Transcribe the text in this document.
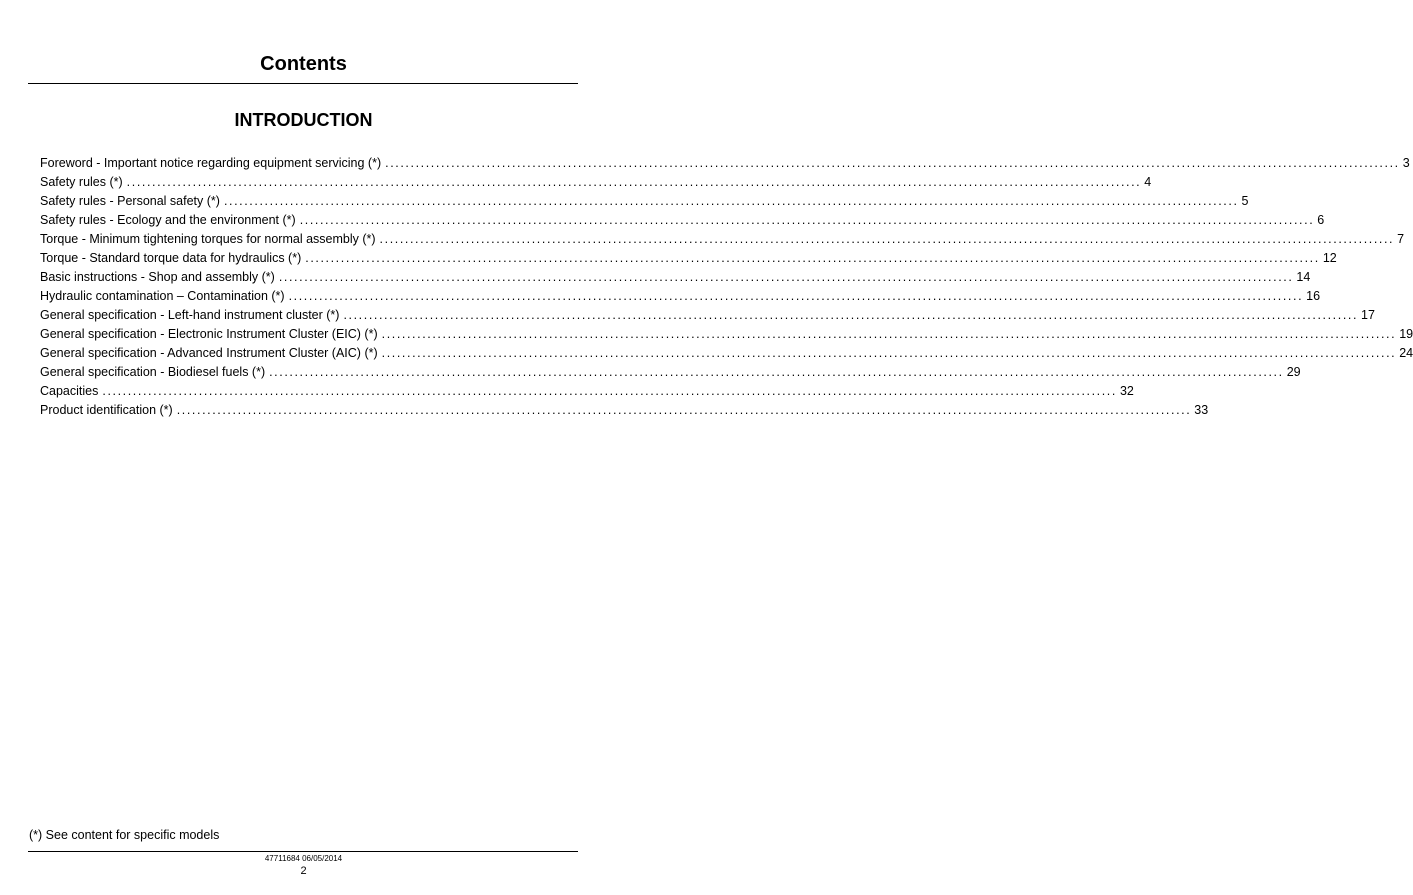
Contents
INTRODUCTION
Foreword - Important notice regarding equipment servicing (*) ........................................................................................................................................................................................................ 3
Safety rules (*) ........................................................................................................................................................................................................ 4
Safety rules - Personal safety (*) ........................................................................................................................................................................................................ 5
Safety rules - Ecology and the environment (*) ........................................................................................................................................................................................................ 6
Torque - Minimum tightening torques for normal assembly (*) ........................................................................................................................................................................................................ 7
Torque - Standard torque data for hydraulics (*) ........................................................................................................................................................................................................ 12
Basic instructions - Shop and assembly (*) ........................................................................................................................................................................................................ 14
Hydraulic contamination – Contamination (*) ........................................................................................................................................................................................................ 16
General specification - Left-hand instrument cluster (*) ........................................................................................................................................................................................................ 17
General specification - Electronic Instrument Cluster (EIC) (*) ........................................................................................................................................................................................................ 19
General specification - Advanced Instrument Cluster (AIC) (*) ........................................................................................................................................................................................................ 24
General specification - Biodiesel fuels (*) ........................................................................................................................................................................................................ 29
Capacities ........................................................................................................................................................................................................ 32
Product identification (*) ........................................................................................................................................................................................................ 33
(*) See content for specific models
47711684 06/05/2014
2
